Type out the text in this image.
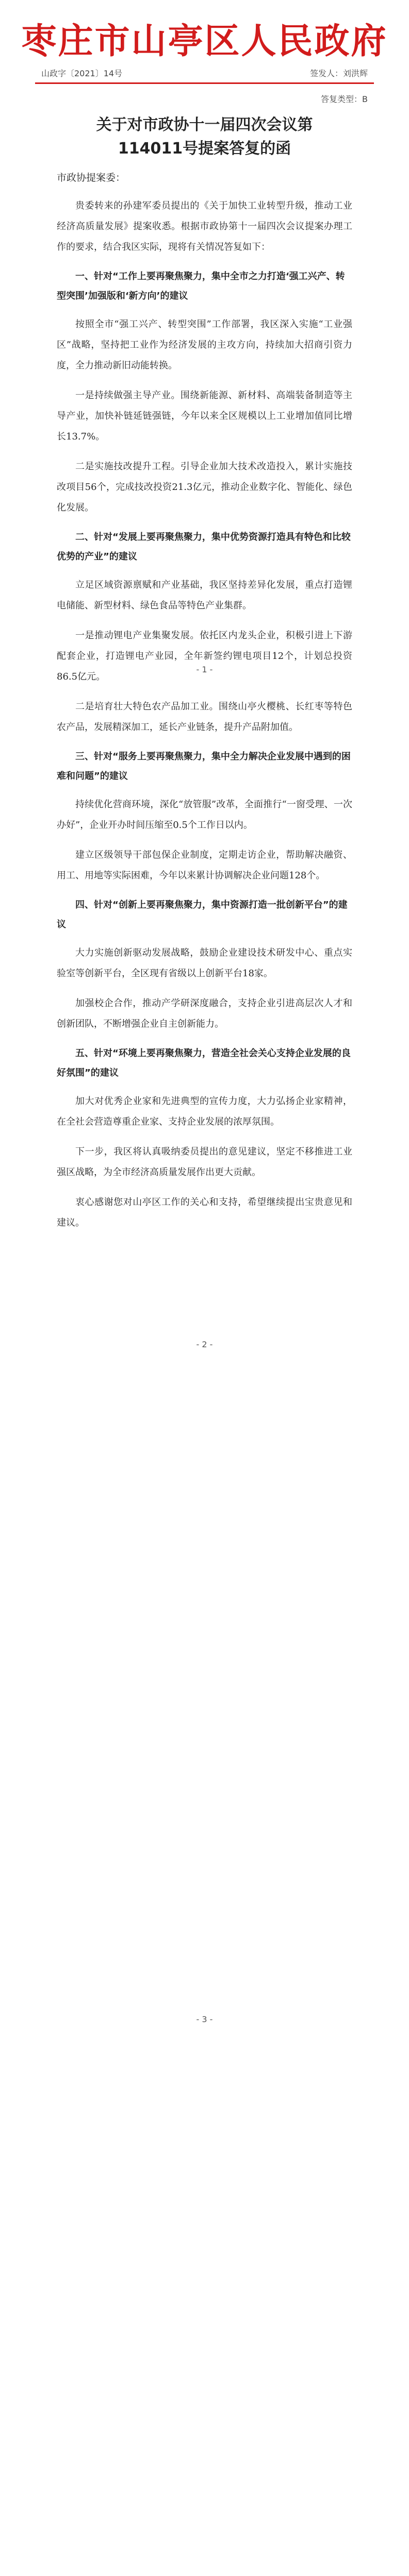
枣庄市山亭区人民政府
山政字〔2021〕14号	签发人：刘洪辉
答复类型：B
关于对市政协十一届四次会议第114011号提案答复的函
市政协提案委：

贵委转来的孙建军委员提出的《关于加快工业转型升级，推动工业经济高质量发展》提案收悉。根据市政协第十一届四次会议提案办理工作的要求，结合我区实际，现将有关情况答复如下：

一、针对“工作上要再聚焦聚力，集中全市之力打造‘强工兴产、转型突围’加强版和‘新方向’的建议

按照全市“强工兴产、转型突围”工作部署，我区深入实施“工业强区”战略，坚持把工业作为经济发展的主攻方向，持续加大招商引资力度，全力推动新旧动能转换。

一是持续做强主导产业。围绕新能源、新材料、高端装备制造等主导产业，加快补链延链强链，今年以来全区规模以上工业增加值同比增长13.7%。

二是实施技改提升工程。引导企业加大技术改造投入，累计实施技改项目56个，完成技改投资21.3亿元，推动企业数字化、智能化、绿色化发展。

二、针对“发展上要再聚焦聚力，集中优势资源打造具有特色和比较优势的产业”的建议

立足区域资源禀赋和产业基础，我区坚持差异化发展，重点打造锂电储能、新型材料、绿色食品等特色产业集群。

一是推动锂电产业集聚发展。依托区内龙头企业，积极引进上下游配套企业，打造锂电产业园，全年新签约锂电项目12个，计划总投资86.5亿元。

二是培育壮大特色农产品加工业。围绕山亭火樱桃、长红枣等特色农产品，发展精深加工，延长产业链条，提升产品附加值。

三、针对“服务上要再聚焦聚力，集中全力解决企业发展中遇到的困难和问题”的建议

持续优化营商环境，深化“放管服”改革，全面推行“一窗受理、一次办好”，企业开办时间压缩至0.5个工作日以内。

建立区级领导干部包保企业制度，定期走访企业，帮助解决融资、用工、用地等实际困难，今年以来累计协调解决企业问题128个。

四、针对“创新上要再聚焦聚力，集中资源打造一批创新平台”的建议

大力实施创新驱动发展战略，鼓励企业建设技术研发中心、重点实验室等创新平台，全区现有省级以上创新平台18家。

加强校企合作，推动产学研深度融合，支持企业引进高层次人才和创新团队，不断增强企业自主创新能力。

五、针对“环境上要再聚焦聚力，营造全社会关心支持企业发展的良好氛围”的建议

加大对优秀企业家和先进典型的宣传力度，大力弘扬企业家精神，在全社会营造尊重企业家、支持企业发展的浓厚氛围。

下一步，我区将认真吸纳委员提出的意见建议，坚定不移推进工业强区战略，为全市经济高质量发展作出更大贡献。

衷心感谢您对山亭区工作的关心和支持，希望继续提出宝贵意见和建议。

- 1 -
- 2 -
- 3 -
